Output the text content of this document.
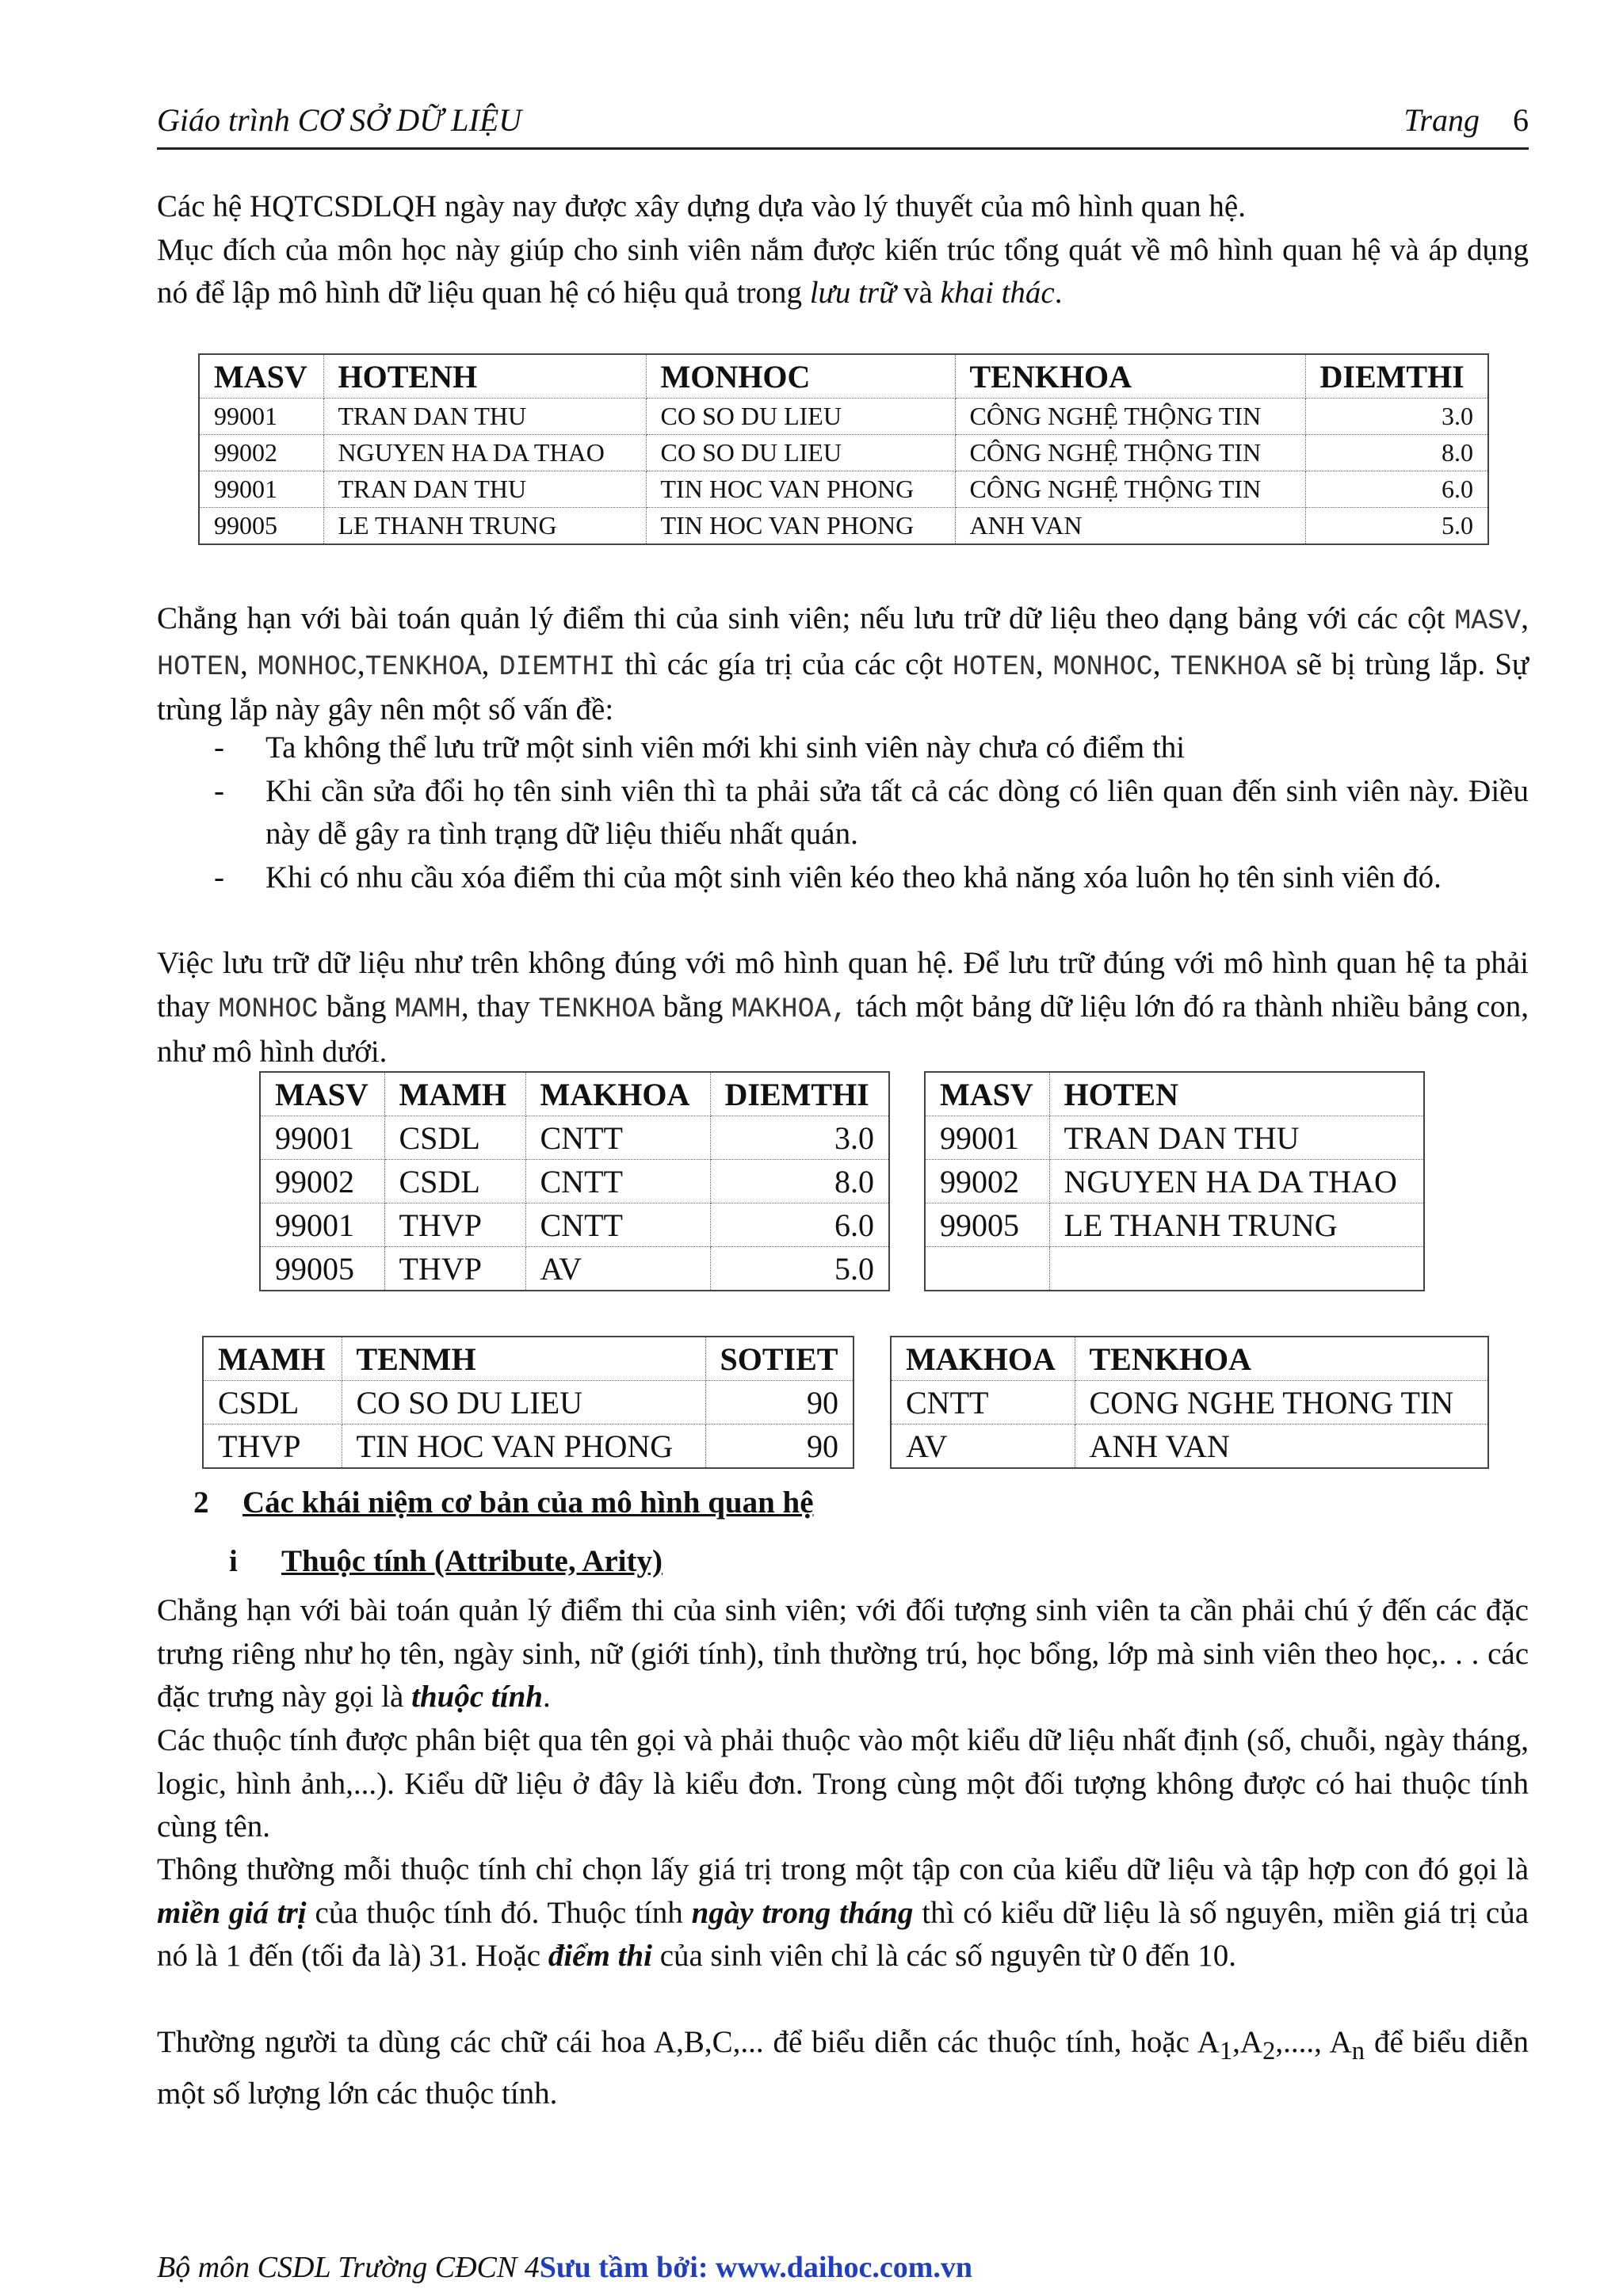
Giáo trình CƠ SỞ DỮ LIỆU	Trang 6

Các hệ HQTCSDLQH ngày nay được xây dựng dựa vào lý thuyết của mô hình quan hệ.
Mục đích của môn học này giúp cho sinh viên nắm được kiến trúc tổng quát về mô hình quan hệ và áp dụng nó để lập mô hình dữ liệu quan hệ có hiệu quả trong lưu trữ và khai thác.

MASV	HOTENH	MONHOC	TENKHOA	DIEMTHI
99001	TRAN DAN THU	CO SO DU LIEU	CÔNG NGHỆ THỘNG TIN	3.0
99002	NGUYEN HA DA THAO	CO SO DU LIEU	CÔNG NGHỆ THỘNG TIN	8.0
99001	TRAN DAN THU	TIN HOC VAN PHONG	CÔNG NGHỆ THỘNG TIN	6.0
99005	LE THANH TRUNG	TIN HOC VAN PHONG	ANH VAN	5.0

Chẳng hạn với bài toán quản lý điểm thi của sinh viên; nếu lưu trữ dữ liệu theo dạng bảng với các cột MASV, HOTEN, MONHOC,TENKHOA, DIEMTHI thì các gía trị của các cột HOTEN, MONHOC, TENKHOA sẽ bị trùng lắp. Sự trùng lắp này gây nên một số vấn đề:

- Ta không thể lưu trữ một sinh viên mới khi sinh viên này chưa có điểm thi
- Khi cần sửa đổi họ tên sinh viên thì ta phải sửa tất cả các dòng có liên quan đến sinh viên này. Điều này dễ gây ra tình trạng dữ liệu thiếu nhất quán.
- Khi có nhu cầu xóa điểm thi của một sinh viên kéo theo khả năng xóa luôn họ tên sinh viên đó.

Việc lưu trữ dữ liệu như trên không đúng với mô hình quan hệ. Để lưu trữ đúng với mô hình quan hệ ta phải thay MONHOC bằng MAMH, thay TENKHOA bằng MAKHOA, tách một bảng dữ liệu lớn đó ra thành nhiều bảng con, như mô hình dưới.

MASV	MAMH	MAKHOA	DIEMTHI
99001	CSDL	CNTT	3.0
99002	CSDL	CNTT	8.0
99001	THVP	CNTT	6.0
99005	THVP	AV	5.0
MASV	HOTEN
99001	TRAN DAN THU
99002	NGUYEN HA DA THAO
99005	LE THANH TRUNG

MAMH	TENMH	SOTIET
CSDL	CO SO DU LIEU	90
THVP	TIN HOC VAN PHONG	90
MAKHOA	TENKHOA
CNTT	CONG NGHE THONG TIN
AV	ANH VAN
2 Các khái niệm cơ bản của mô hình quan hệ
i Thuộc tính (Attribute, Arity)

Chẳng hạn với bài toán quản lý điểm thi của sinh viên; với đối tượng sinh viên ta cần phải chú ý đến các đặc trưng riêng như họ tên, ngày sinh, nữ (giới tính), tỉnh thường trú, học bổng, lớp mà sinh viên theo học,. . . các đặc trưng này gọi là thuộc tính.

Các thuộc tính được phân biệt qua tên gọi và phải thuộc vào một kiểu dữ liệu nhất định (số, chuỗi, ngày tháng, logic, hình ảnh,...). Kiểu dữ liệu ở đây là kiểu đơn. Trong cùng một đối tượng không được có hai thuộc tính cùng tên.

Thông thường mỗi thuộc tính chỉ chọn lấy giá trị trong một tập con của kiểu dữ liệu và tập hợp con đó gọi là miền giá trị của thuộc tính đó. Thuộc tính ngày trong tháng thì có kiểu dữ liệu là số nguyên, miền giá trị của nó là 1 đến (tối đa là) 31. Hoặc điểm thi của sinh viên chỉ là các số nguyên từ 0 đến 10.

Thường người ta dùng các chữ cái hoa A,B,C,... để biểu diễn các thuộc tính, hoặc $A_1,A_2$,...., $A_n$ để biểu diễn một số lượng lớn các thuộc tính.

Bộ môn CSDL Trường CĐCN 4Sưu tầm bởi: www.daihoc.com.vn
